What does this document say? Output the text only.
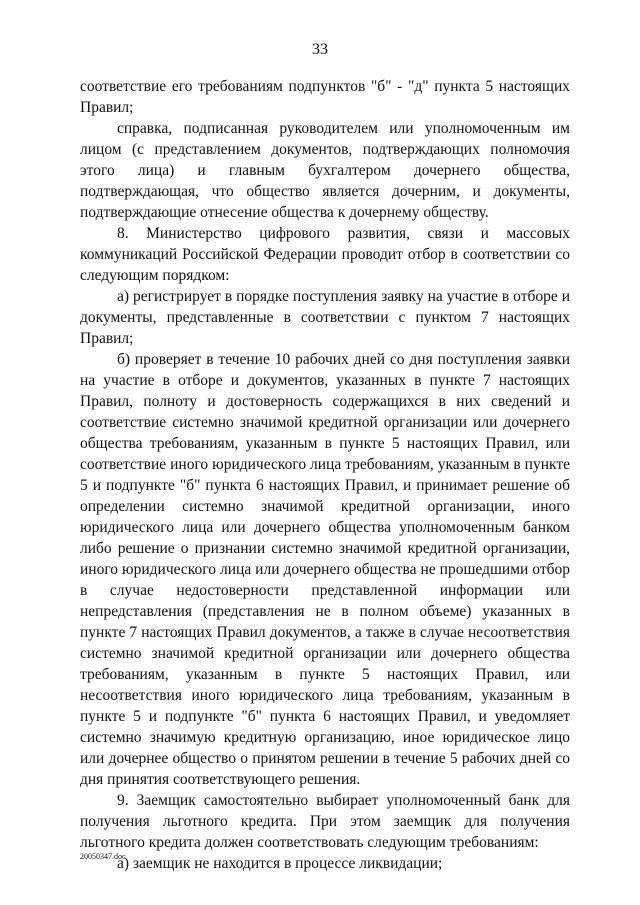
33

соответствие его требованиям подпунктов "б" - "д" пункта 5 настоящих Правил;

справка, подписанная руководителем или уполномоченным им лицом (с представлением документов, подтверждающих полномочия этого лица) и главным бухгалтером дочернего общества, подтверждающая, что общество является дочерним, и документы, подтверждающие отнесение общества к дочернему обществу.

8. Министерство цифрового развития, связи и массовых коммуникаций Российской Федерации проводит отбор в соответствии со следующим порядком:

а) регистрирует в порядке поступления заявку на участие в отборе и документы, представленные в соответствии с пунктом 7 настоящих Правил;

б) проверяет в течение 10 рабочих дней со дня поступления заявки на участие в отборе и документов, указанных в пункте 7 настоящих Правил, полноту и достоверность содержащихся в них сведений и соответствие системно значимой кредитной организации или дочернего общества требованиям, указанным в пункте 5 настоящих Правил, или соответствие иного юридического лица требованиям, указанным в пункте 5 и подпункте "б" пункта 6 настоящих Правил, и принимает решение об определении системно значимой кредитной организации, иного юридического лица или дочернего общества уполномоченным банком либо решение о признании системно значимой кредитной организации, иного юридического лица или дочернего общества не прошедшими отбор в случае недостоверности представленной информации или непредставления (представления не в полном объеме) указанных в пункте 7 настоящих Правил документов, а также в случае несоответствия системно значимой кредитной организации или дочернего общества требованиям, указанным в пункте 5 настоящих Правил, или несоответствия иного юридического лица требованиям, указанным в пункте 5 и подпункте "б" пункта 6 настоящих Правил, и уведомляет системно значимую кредитную организацию, иное юридическое лицо или дочернее общество о принятом решении в течение 5 рабочих дней со дня принятия соответствующего решения.

9. Заемщик самостоятельно выбирает уполномоченный банк для получения льготного кредита. При этом заемщик для получения льготного кредита должен соответствовать следующим требованиям:

а) заемщик не находится в процессе ликвидации;

20050347.doc
